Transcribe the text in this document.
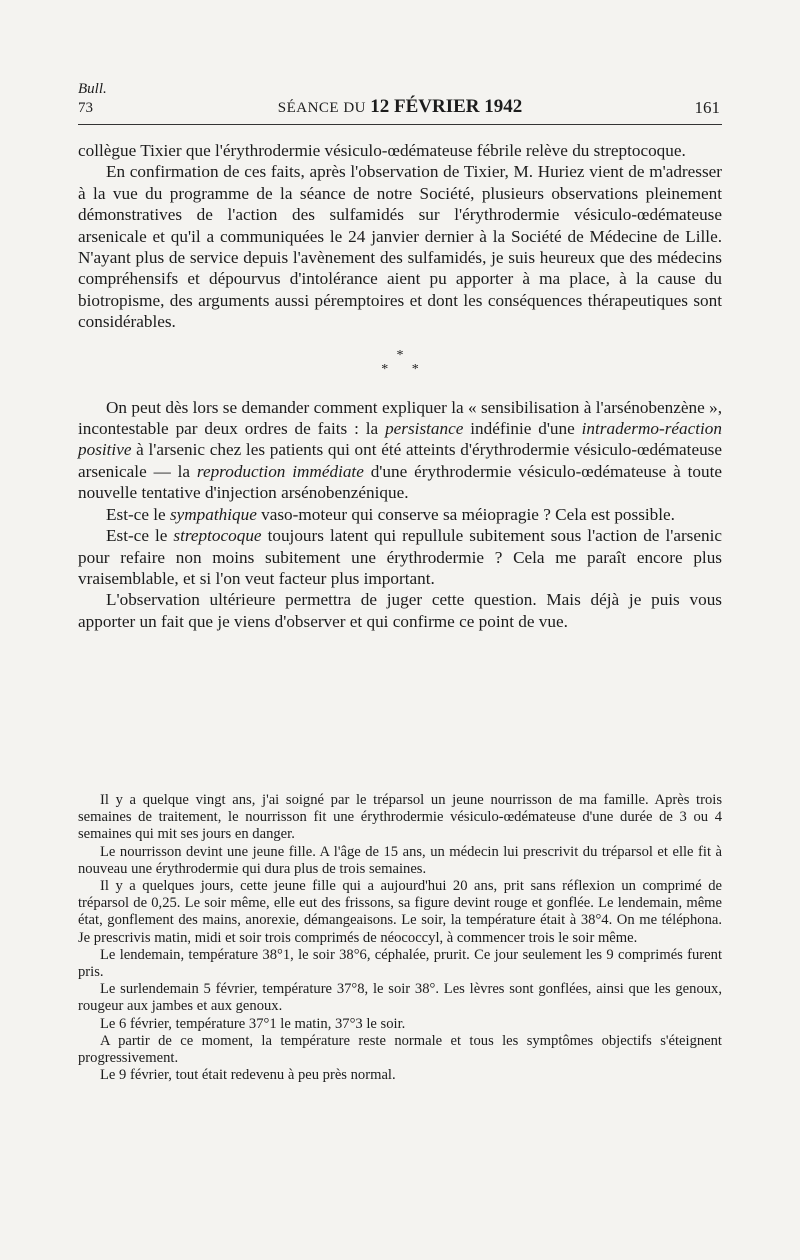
Bull.
73	SÉANCE DU 12 FÉVRIER 1942	161

collègue Tixier que l'érythrodermie vésiculo-œdémateuse fébrile relève du streptocoque.

En confirmation de ces faits, après l'observation de Tixier, M. Huriez vient de m'adresser à la vue du programme de la séance de notre Société, plusieurs observations pleinement démonstratives de l'action des sulfamidés sur l'érythrodermie vésiculo-œdémateuse arsenicale et qu'il a communiquées le 24 janvier dernier à la Société de Médecine de Lille. N'ayant plus de service depuis l'avènement des sulfamidés, je suis heureux que des médecins compréhensifs et dépourvus d'intolérance aient pu apporter à ma place, à la cause du biotropisme, des arguments aussi péremptoires et dont les conséquences thérapeutiques sont considérables.

*
* *

On peut dès lors se demander comment expliquer la « sensibilisation à l'arsénobenzène », incontestable par deux ordres de faits : la persistance indéfinie d'une intradermo-réaction positive à l'arsenic chez les patients qui ont été atteints d'érythrodermie vésiculo-œdémateuse arsenicale — la reproduction immédiate d'une érythrodermie vésiculo-œdémateuse à toute nouvelle tentative d'injection arsénobenzénique.

Est-ce le sympathique vaso-moteur qui conserve sa méiopragie ? Cela est possible.

Est-ce le streptocoque toujours latent qui repullule subitement sous l'action de l'arsenic pour refaire non moins subitement une érythrodermie ? Cela me paraît encore plus vraisemblable, et si l'on veut facteur plus important.

L'observation ultérieure permettra de juger cette question. Mais déjà je puis vous apporter un fait que je viens d'observer et qui confirme ce point de vue.

Il y a quelque vingt ans, j'ai soigné par le tréparsol un jeune nourrisson de ma famille. Après trois semaines de traitement, le nourrisson fit une érythrodermie vésiculo-œdémateuse d'une durée de 3 ou 4 semaines qui mit ses jours en danger.

Le nourrisson devint une jeune fille. A l'âge de 15 ans, un médecin lui prescrivit du tréparsol et elle fit à nouveau une érythrodermie qui dura plus de trois semaines.

Il y a quelques jours, cette jeune fille qui a aujourd'hui 20 ans, prit sans réflexion un comprimé de tréparsol de 0,25. Le soir même, elle eut des frissons, sa figure devint rouge et gonflée. Le lendemain, même état, gonflement des mains, anorexie, démangeaisons. Le soir, la température était à 38°4. On me téléphona. Je prescrivis matin, midi et soir trois comprimés de néococcyl, à commencer trois le soir même.

Le lendemain, température 38°1, le soir 38°6, céphalée, prurit. Ce jour seulement les 9 comprimés furent pris.

Le surlendemain 5 février, température 37°8, le soir 38°. Les lèvres sont gonflées, ainsi que les genoux, rougeur aux jambes et aux genoux.

Le 6 février, température 37°1 le matin, 37°3 le soir.

A partir de ce moment, la température reste normale et tous les symptômes objectifs s'éteignent progressivement.

Le 9 février, tout était redevenu à peu près normal.
